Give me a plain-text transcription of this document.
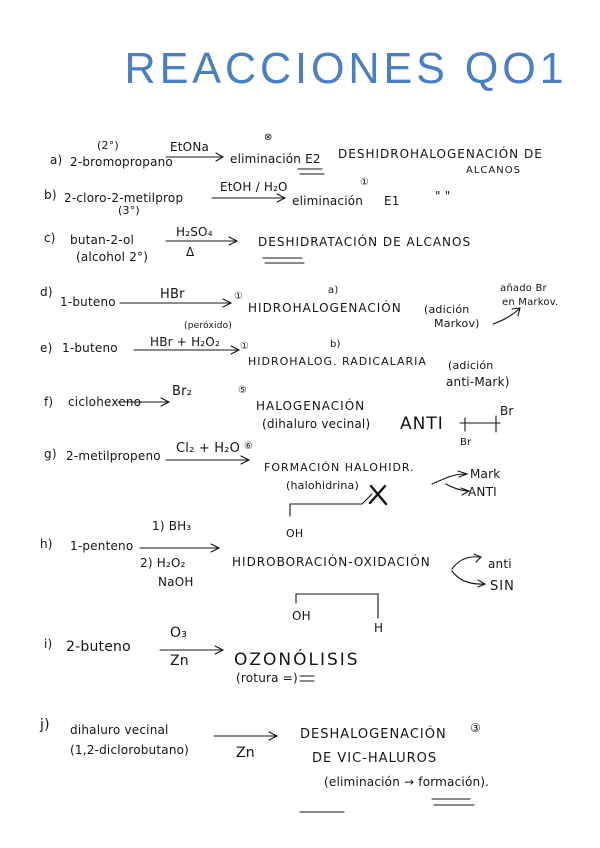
REACCIONES QO1
a)
(2°)
2-bromopropano
EtONa
⊗
eliminación E2 DESHIDROHALOGENACIÓN DE
ALCANOS
b) 2-cloro-2-metilprop
(3°)
EtOH / H₂O	①
eliminación E1	" "
c) butan-2-ol
(alcohol 2°)
H₂SO₄
Δ
DESHIDRATACIÓN DE ALCANOS
d)
1-buteno	HBr	①
a)
HIDROHALOGENACIÓN (adición
Markov)
añado Br
en Markov.
e) 1-buteno
(peróxido)
HBr + H₂O₂ ①	b)
HIDROHALOG. RADICALARIA (adición
anti-Mark)
f) ciclohexeno
Br₂	⑤
HALOGENACIÓN
(dihaluro vecinal) ANTI
Br
Br
g) 2-metilpropeno Cl₂ + H₂O ⑥
FORMACIÓN HALOHIDR.
(halohidrina)
Mark
ANTI
OH
h) 1-penteno
1) BH₃
2) H₂O₂
NaOH
HIDROBORACIÓN-OXIDACIÓN	anti
SIN
OH
H
i) 2-buteno
O₃
Zn	OZONÓLISIS
(rotura =)
j) dihaluro vecinal
(1,2-diclorobutano)	Zn
③
DESHALOGENACIÓN
DE VIC-HALUROS
(eliminación → formación).
